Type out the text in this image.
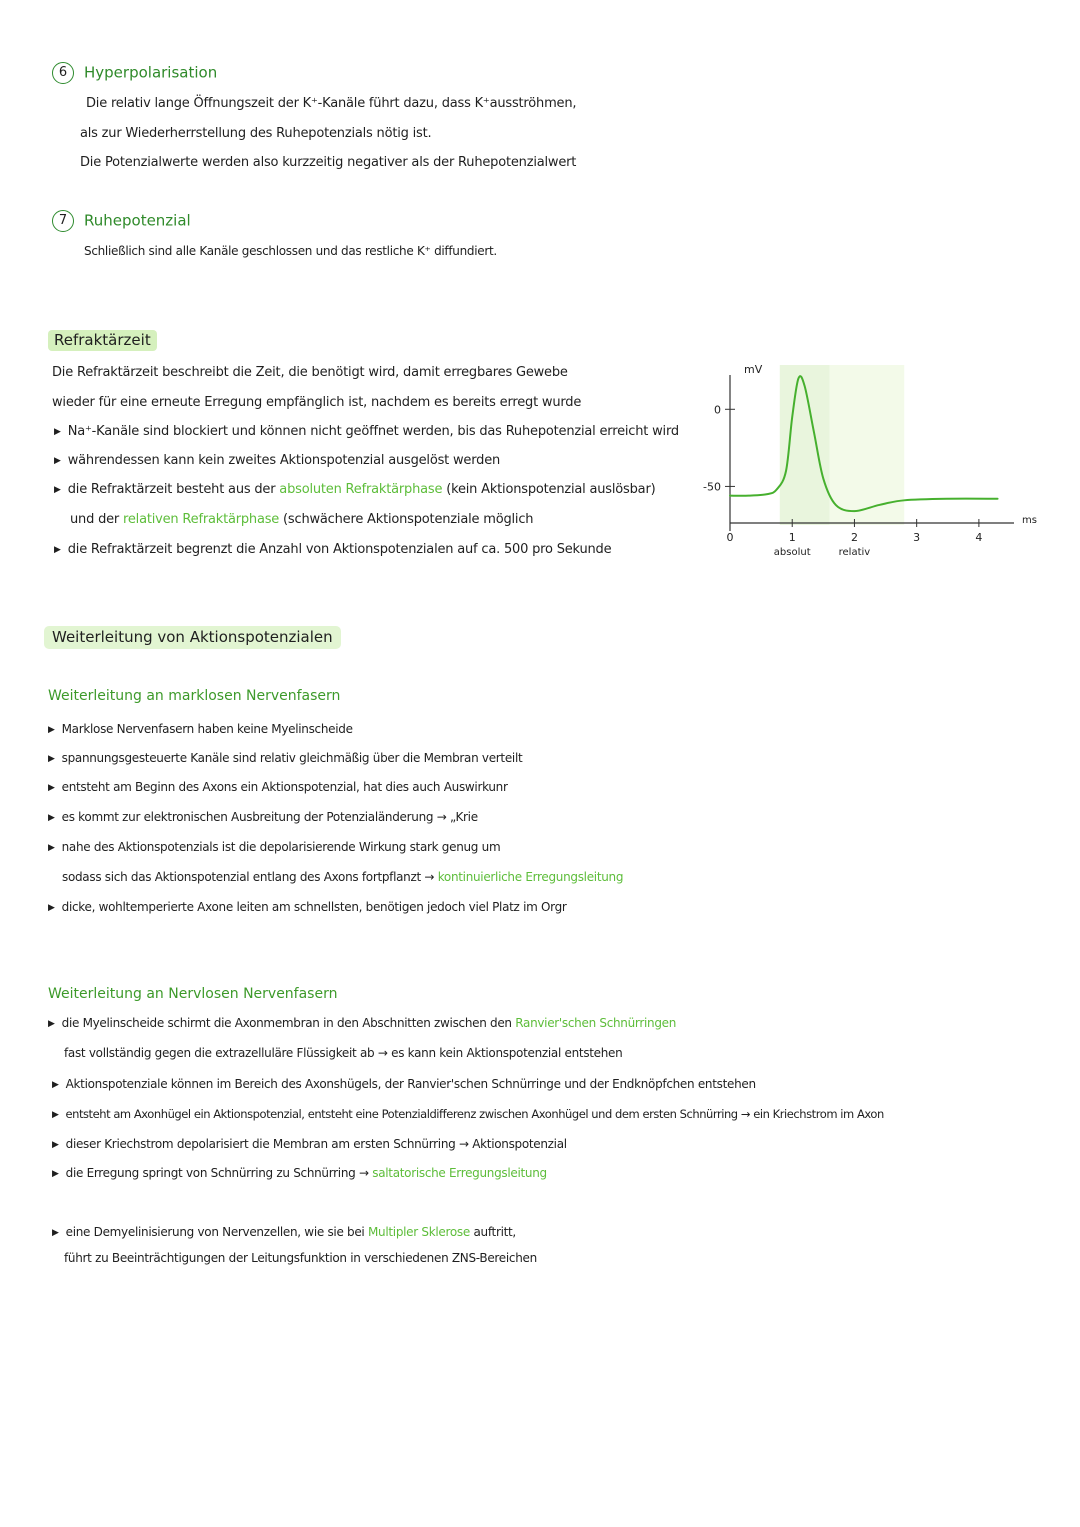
6 Hyperpolarisation
Die relativ lange Öffnungszeit der K⁺-Kanäle führt dazu, dass K⁺ausströhmen,
als zur Wiederherrstellung des Ruhepotenzials nötig ist.
Die Potenzialwerte werden also kurzzeitig negativer als der Ruhepotenzialwert
7 Ruhepotenzial
Schließlich sind alle Kanäle geschlossen und das restliche K⁺ diffundiert.
Refraktärzeit
Die Refraktärzeit beschreibt die Zeit, die benötigt wird, damit erregbares Gewebe
wieder für eine erneute Erregung empfänglich ist, nachdem es bereits erregt wurde
▶ Na⁺-Kanäle sind blockiert und können nicht geöffnet werden, bis das Ruhepotenzial erreicht wird
▶ währendessen kann kein zweites Aktionspotenzial ausgelöst werden
▶ die Refraktärzeit besteht aus der absoluten Refraktärphase (kein Aktionspotenzial auslösbar)
und der relativen Refraktärphase (schwächere Aktionspotenziale möglich
▶ die Refraktärzeit begrenzt die Anzahl von Aktionspotenzialen auf ca. 500 pro Sekunde
0
-50
mV
0	1	2	3	4
ms
absolut	relativ
Weiterleitung von Aktionspotenzialen
Weiterleitung an marklosen Nervenfasern
▶ Marklose Nervenfasern haben keine Myelinscheide
▶ spannungsgesteuerte Kanäle sind relativ gleichmäßig über die Membran verteilt
▶ entsteht am Beginn des Axons ein Aktionspotenzial, hat dies auch Auswirkunr
▶ es kommt zur elektronischen Ausbreitung der Potenzialänderung → „Krie
▶ nahe des Aktionspotenzials ist die depolarisierende Wirkung stark genug um
sodass sich das Aktionspotenzial entlang des Axons fortpflanzt → kontinuierliche Erregungsleitung
▶ dicke, wohltemperierte Axone leiten am schnellsten, benötigen jedoch viel Platz im Orgr
Weiterleitung an Nervlosen Nervenfasern
▶ die Myelinscheide schirmt die Axonmembran in den Abschnitten zwischen den Ranvier'schen Schnürringen
fast vollständig gegen die extrazelluläre Flüssigkeit ab → es kann kein Aktionspotenzial entstehen
▶ Aktionspotenziale können im Bereich des Axonshügels, der Ranvier'schen Schnürringe und der Endknöpfchen entstehen
▶ entsteht am Axonhügel ein Aktionspotenzial, entsteht eine Potenzialdifferenz zwischen Axonhügel und dem ersten Schnürring → ein Kriechstrom im Axon
▶ dieser Kriechstrom depolarisiert die Membran am ersten Schnürring → Aktionspotenzial
▶ die Erregung springt von Schnürring zu Schnürring → saltatorische Erregungsleitung
▶ eine Demyelinisierung von Nervenzellen, wie sie bei Multipler Sklerose auftritt,
führt zu Beeinträchtigungen der Leitungsfunktion in verschiedenen ZNS-Bereichen
